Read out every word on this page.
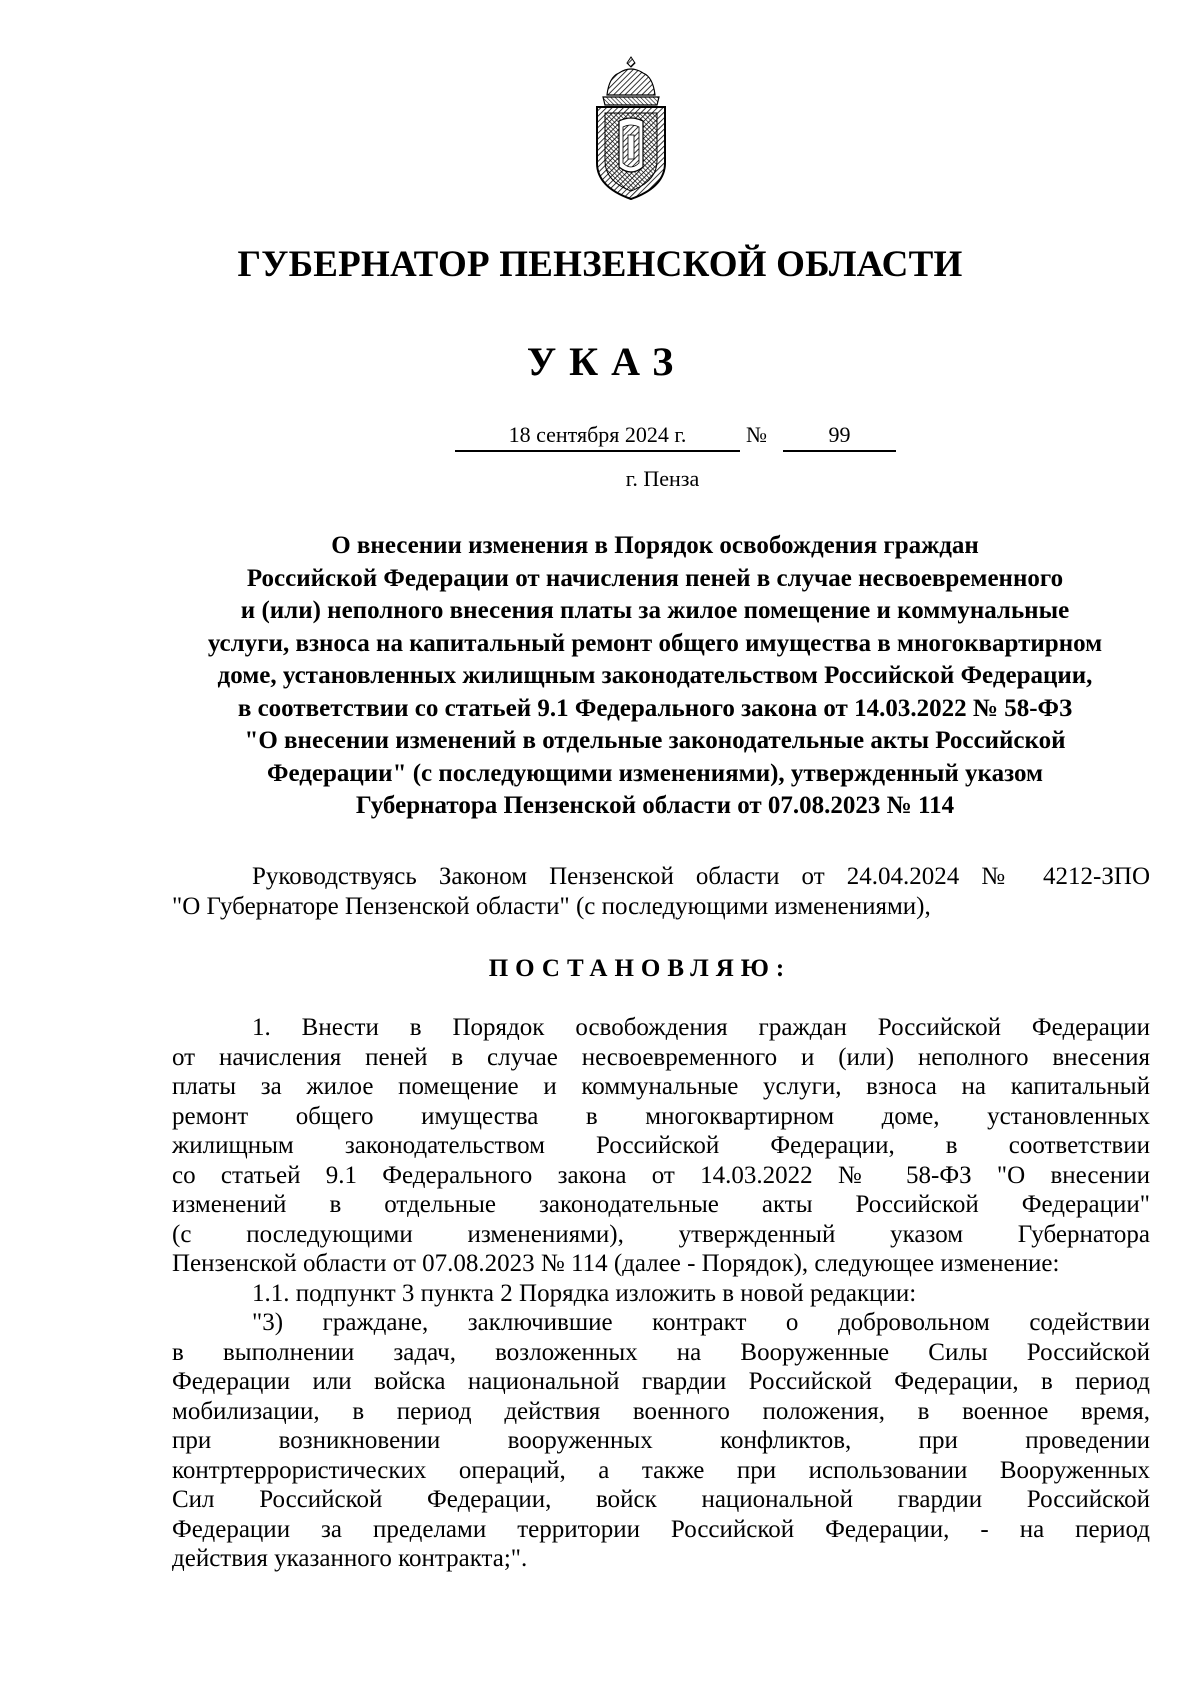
ГУБЕРНАТОР ПЕНЗЕНСКОЙ ОБЛАСТИ
УКАЗ
18 сентября 2024 г.	№	99
г. Пенза
О внесении изменения в Порядок освобождения граждан
Российской Федерации от начисления пеней в случае несвоевременного
и (или) неполного внесения платы за жилое помещение и коммунальные
услуги, взноса на капитальный ремонт общего имущества в многоквартирном
доме, установленных жилищным законодательством Российской Федерации,
в соответствии со статьей 9.1 Федерального закона от 14.03.2022 № 58-ФЗ
"О внесении изменений в отдельные законодательные акты Российской
Федерации" (с последующими изменениями), утвержденный указом
Губернатора Пензенской области от 07.08.2023 № 114
Руководствуясь Законом Пензенской области от 24.04.2024 № 4212-ЗПО
"О Губернаторе Пензенской области" (с последующими изменениями),
ПОСТАНОВЛЯЮ:
1. Внести в Порядок освобождения граждан Российской Федерации
от начисления пеней в случае несвоевременного и (или) неполного внесения
платы за жилое помещение и коммунальные услуги, взноса на капитальный
ремонт общего имущества в многоквартирном доме, установленных
жилищным законодательством Российской Федерации, в соответствии
со статьей 9.1 Федерального закона от 14.03.2022 № 58-ФЗ "О внесении
изменений в отдельные законодательные акты Российской Федерации"
(с последующими изменениями), утвержденный указом Губернатора
Пензенской области от 07.08.2023 № 114 (далее - Порядок), следующее изменение:
1.1. подпункт 3 пункта 2 Порядка изложить в новой редакции:
"3) граждане, заключившие контракт о добровольном содействии
в выполнении задач, возложенных на Вооруженные Силы Российской
Федерации или войска национальной гвардии Российской Федерации, в период
мобилизации, в период действия военного положения, в военное время,
при возникновении вооруженных конфликтов, при проведении
контртеррористических операций, а также при использовании Вооруженных
Сил Российской Федерации, войск национальной гвардии Российской
Федерации за пределами территории Российской Федерации, - на период
действия указанного контракта;".
